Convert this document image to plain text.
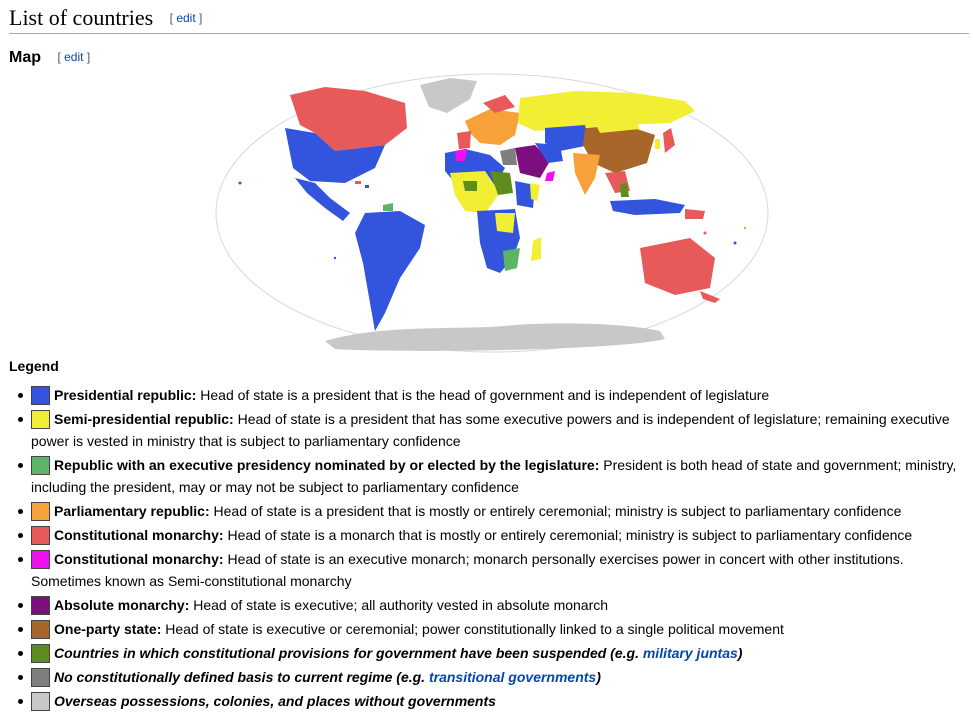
List of countries [ edit ]
Map [ edit ]
Legend
Presidential republic: Head of state is a president that is the head of government and is independent of legislature
Semi-presidential republic: Head of state is a president that has some executive powers and is independent of legislature; remaining executive power is vested in ministry that is subject to parliamentary confidence
Republic with an executive presidency nominated by or elected by the legislature: President is both head of state and government; ministry, including the president, may or may not be subject to parliamentary confidence
Parliamentary republic: Head of state is a president that is mostly or entirely ceremonial; ministry is subject to parliamentary confidence
Constitutional monarchy: Head of state is a monarch that is mostly or entirely ceremonial; ministry is subject to parliamentary confidence
Constitutional monarchy: Head of state is an executive monarch; monarch personally exercises power in concert with other institutions. Sometimes known as Semi-constitutional monarchy
Absolute monarchy: Head of state is executive; all authority vested in absolute monarch
One-party state: Head of state is executive or ceremonial; power constitutionally linked to a single political movement
Countries in which constitutional provisions for government have been suspended (e.g. military juntas)
No constitutionally defined basis to current regime (e.g. transitional governments)
Overseas possessions, colonies, and places without governments
